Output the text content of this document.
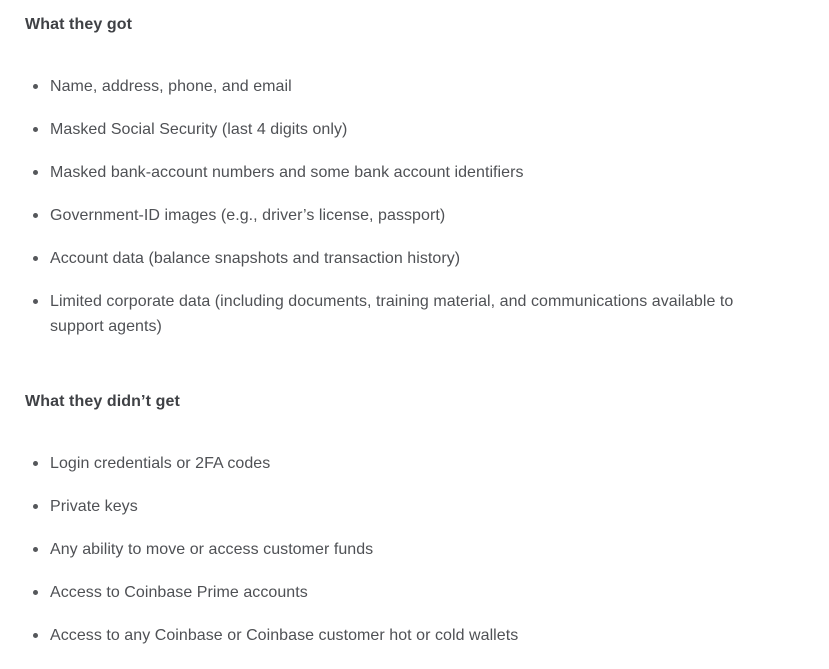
What they got
Name, address, phone, and email
Masked Social Security (last 4 digits only)
Masked bank-account numbers and some bank account identifiers
Government-ID images (e.g., driver’s license, passport)
Account data (balance snapshots and transaction history)
Limited corporate data (including documents, training material, and communications available to support agents)
What they didn’t get
Login credentials or 2FA codes
Private keys
Any ability to move or access customer funds
Access to Coinbase Prime accounts
Access to any Coinbase or Coinbase customer hot or cold wallets
